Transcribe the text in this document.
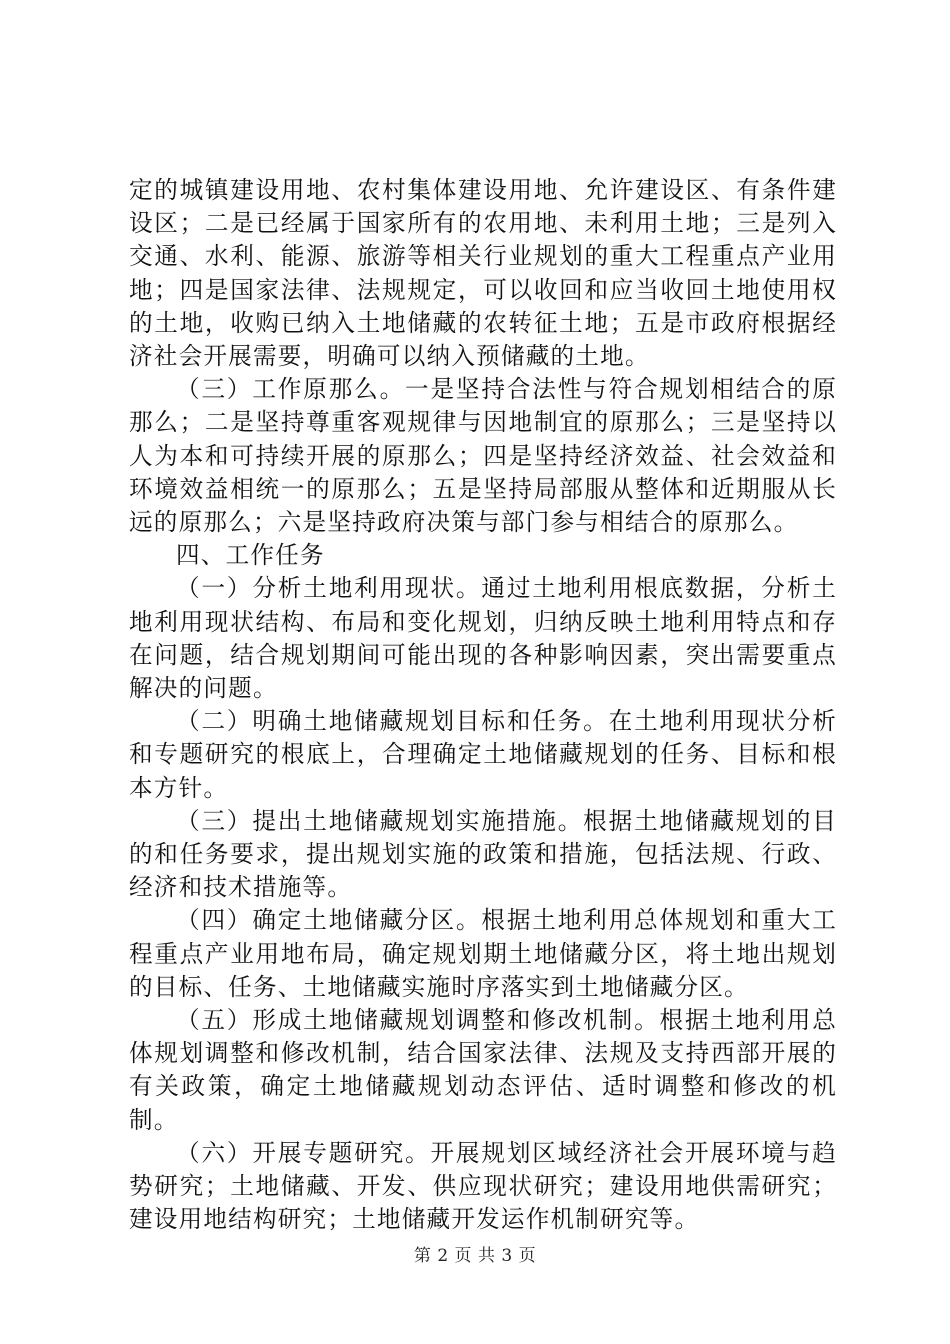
定的城镇建设用地、农村集体建设用地、允许建设区、有条件建设区；二是已经属于国家所有的农用地、未利用土地；三是列入交通、水利、能源、旅游等相关行业规划的重大工程重点产业用地；四是国家法律、法规规定，可以收回和应当收回土地使用权的土地，收购已纳入土地储藏的农转征土地；五是市政府根据经济社会开展需要，明确可以纳入预储藏的土地。

（三）工作原那么。一是坚持合法性与符合规划相结合的原那么；二是坚持尊重客观规律与因地制宜的原那么；三是坚持以人为本和可持续开展的原那么；四是坚持经济效益、社会效益和环境效益相统一的原那么；五是坚持局部服从整体和近期服从长远的原那么；六是坚持政府决策与部门参与相结合的原那么。

四、工作任务

（一）分析土地利用现状。通过土地利用根底数据，分析土地利用现状结构、布局和变化规划，归纳反映土地利用特点和存在问题，结合规划期间可能出现的各种影响因素，突出需要重点解决的问题。

（二）明确土地储藏规划目标和任务。在土地利用现状分析和专题研究的根底上，合理确定土地储藏规划的任务、目标和根本方针。

（三）提出土地储藏规划实施措施。根据土地储藏规划的目的和任务要求，提出规划实施的政策和措施，包括法规、行政、经济和技术措施等。

（四）确定土地储藏分区。根据土地利用总体规划和重大工程重点产业用地布局，确定规划期土地储藏分区，将土地出规划的目标、任务、土地储藏实施时序落实到土地储藏分区。

（五）形成土地储藏规划调整和修改机制。根据土地利用总体规划调整和修改机制，结合国家法律、法规及支持西部开展的有关政策，确定土地储藏规划动态评估、适时调整和修改的机制。

（六）开展专题研究。开展规划区域经济社会开展环境与趋势研究；土地储藏、开发、供应现状研究；建设用地供需研究；建设用地结构研究；土地储藏开发运作机制研究等。

第 2 页 共 3 页
